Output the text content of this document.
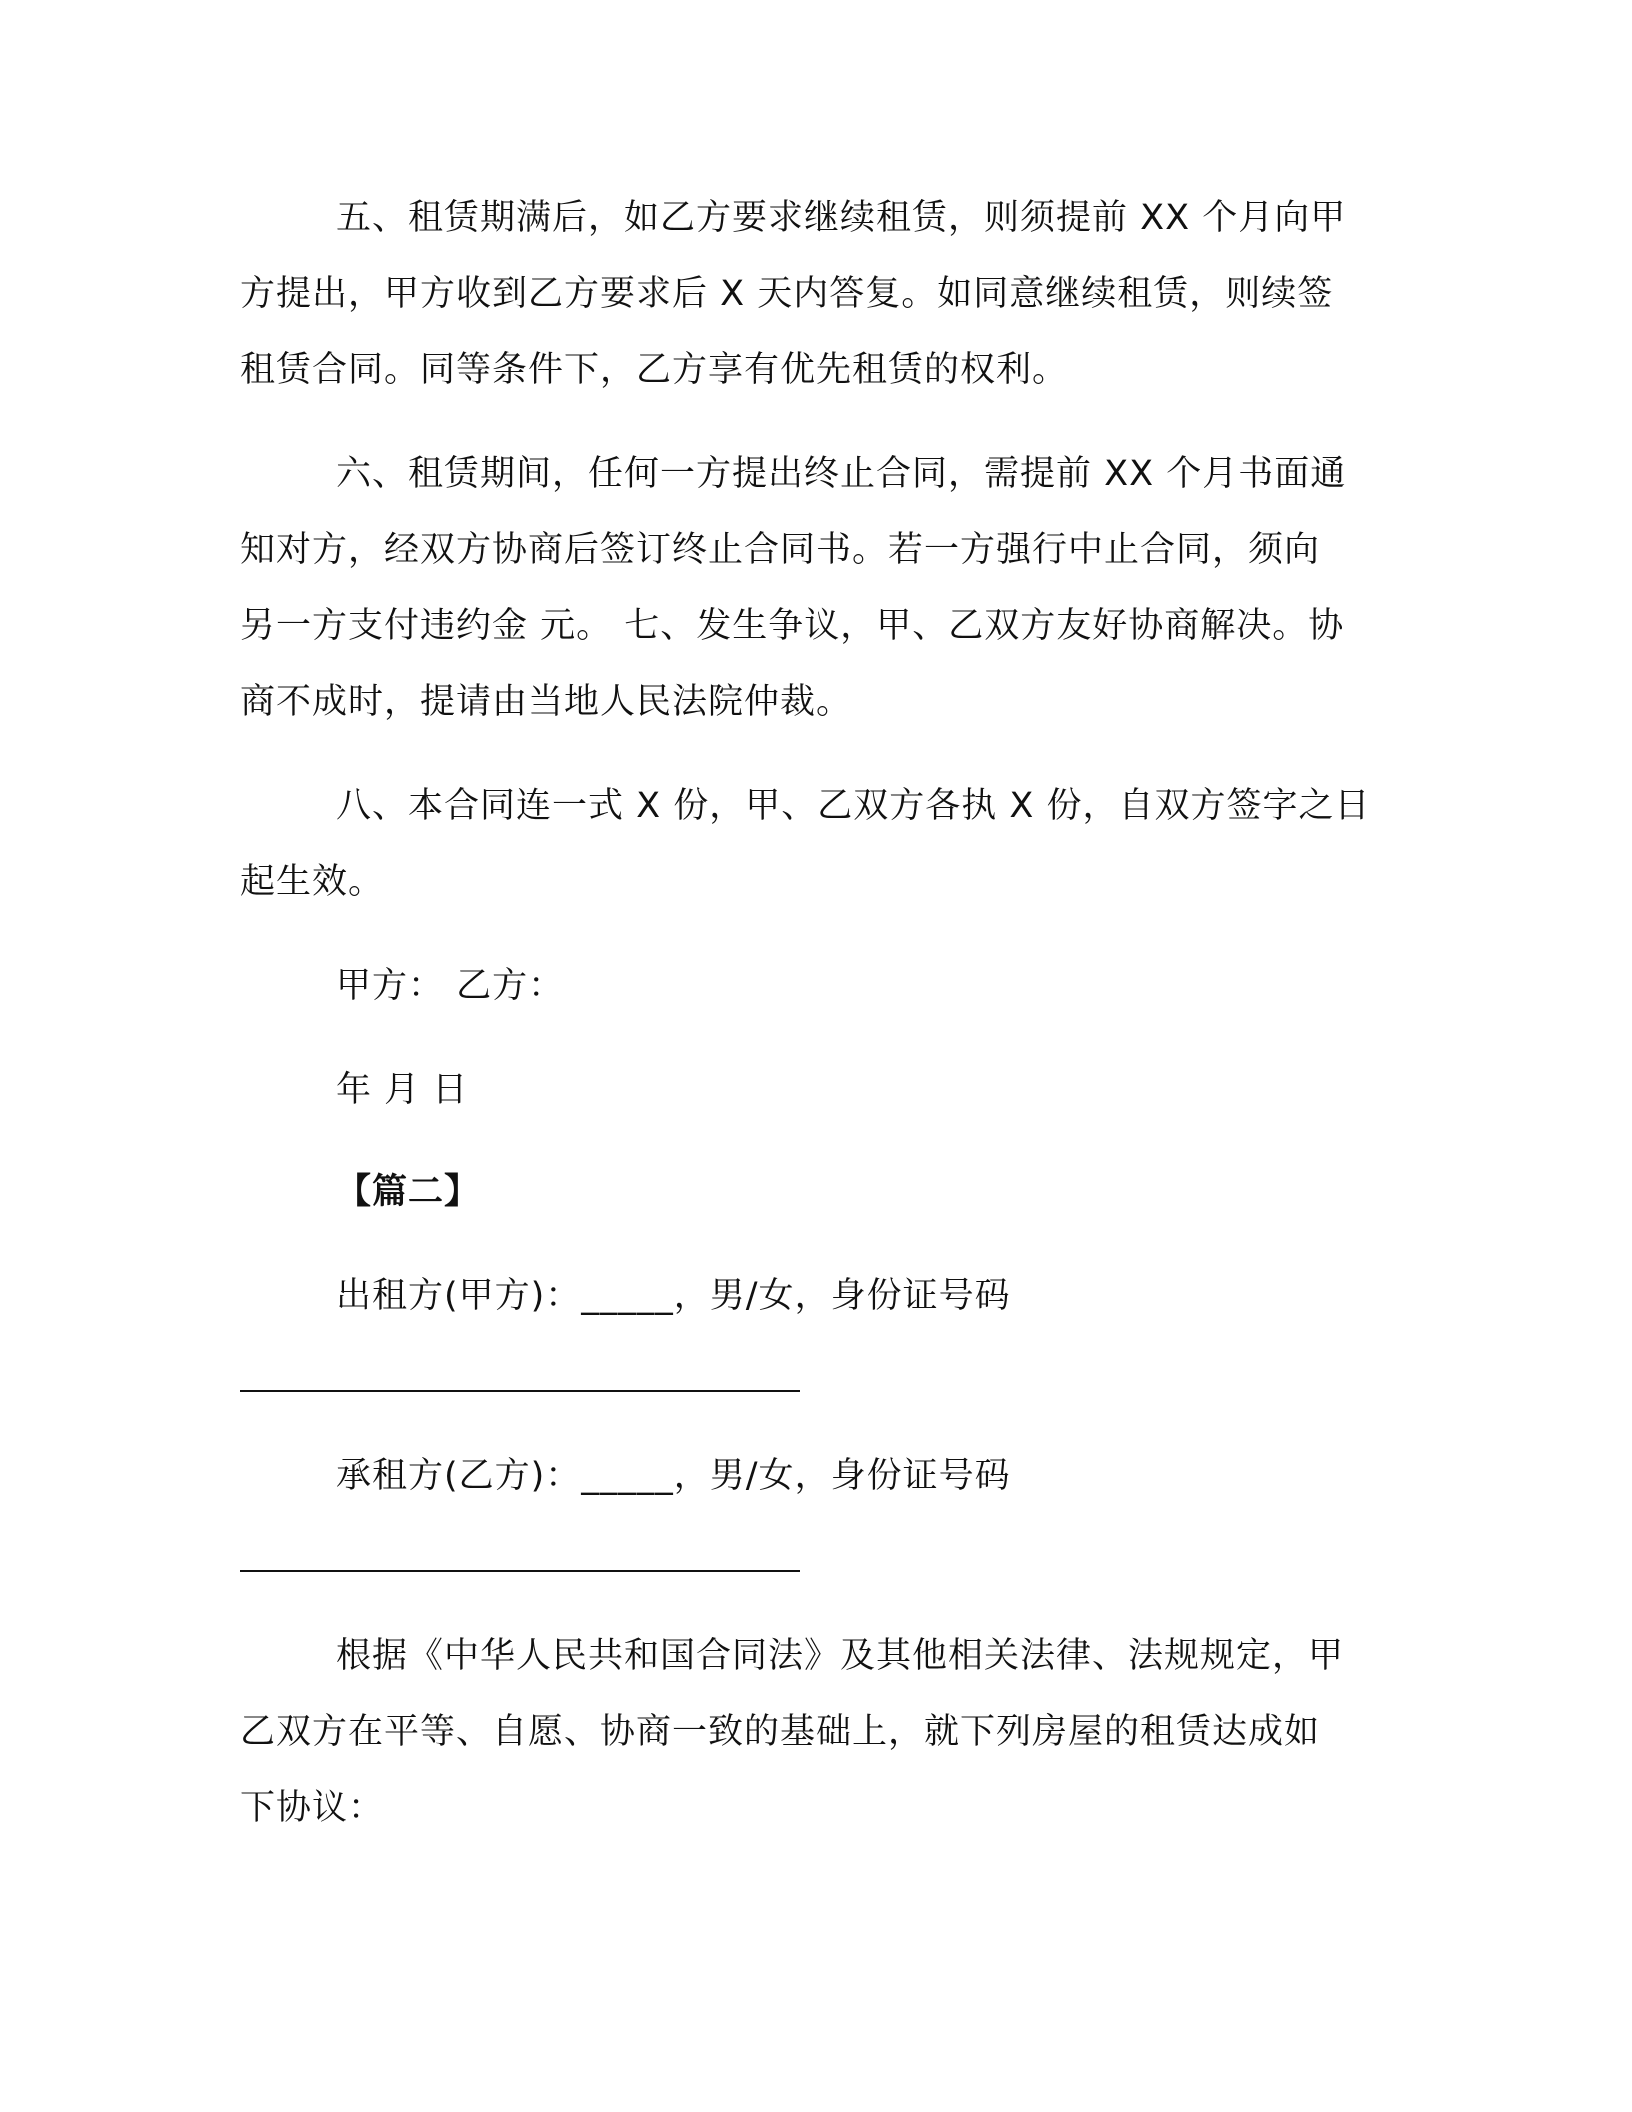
五、租赁期满后，如乙方要求继续租赁，则须提前 XX 个月向甲
方提出，甲方收到乙方要求后 X 天内答复。如同意继续租赁，则续签
租赁合同。同等条件下，乙方享有优先租赁的权利。
六、租赁期间，任何一方提出终止合同，需提前 XX 个月书面通
知对方，经双方协商后签订终止合同书。若一方强行中止合同，须向
另一方支付违约金 元。 七、发生争议，甲、乙双方友好协商解决。协
商不成时，提请由当地人民法院仲裁。
八、本合同连一式 X 份，甲、乙双方各执 X 份，自双方签字之日
起生效。
甲方： 乙方：
年 月 日
【篇二】
出租方(甲方)：_____，男/女，身份证号码
承租方(乙方)：_____，男/女，身份证号码
根据《中华人民共和国合同法》及其他相关法律、法规规定，甲
乙双方在平等、自愿、协商一致的基础上，就下列房屋的租赁达成如
下协议：
